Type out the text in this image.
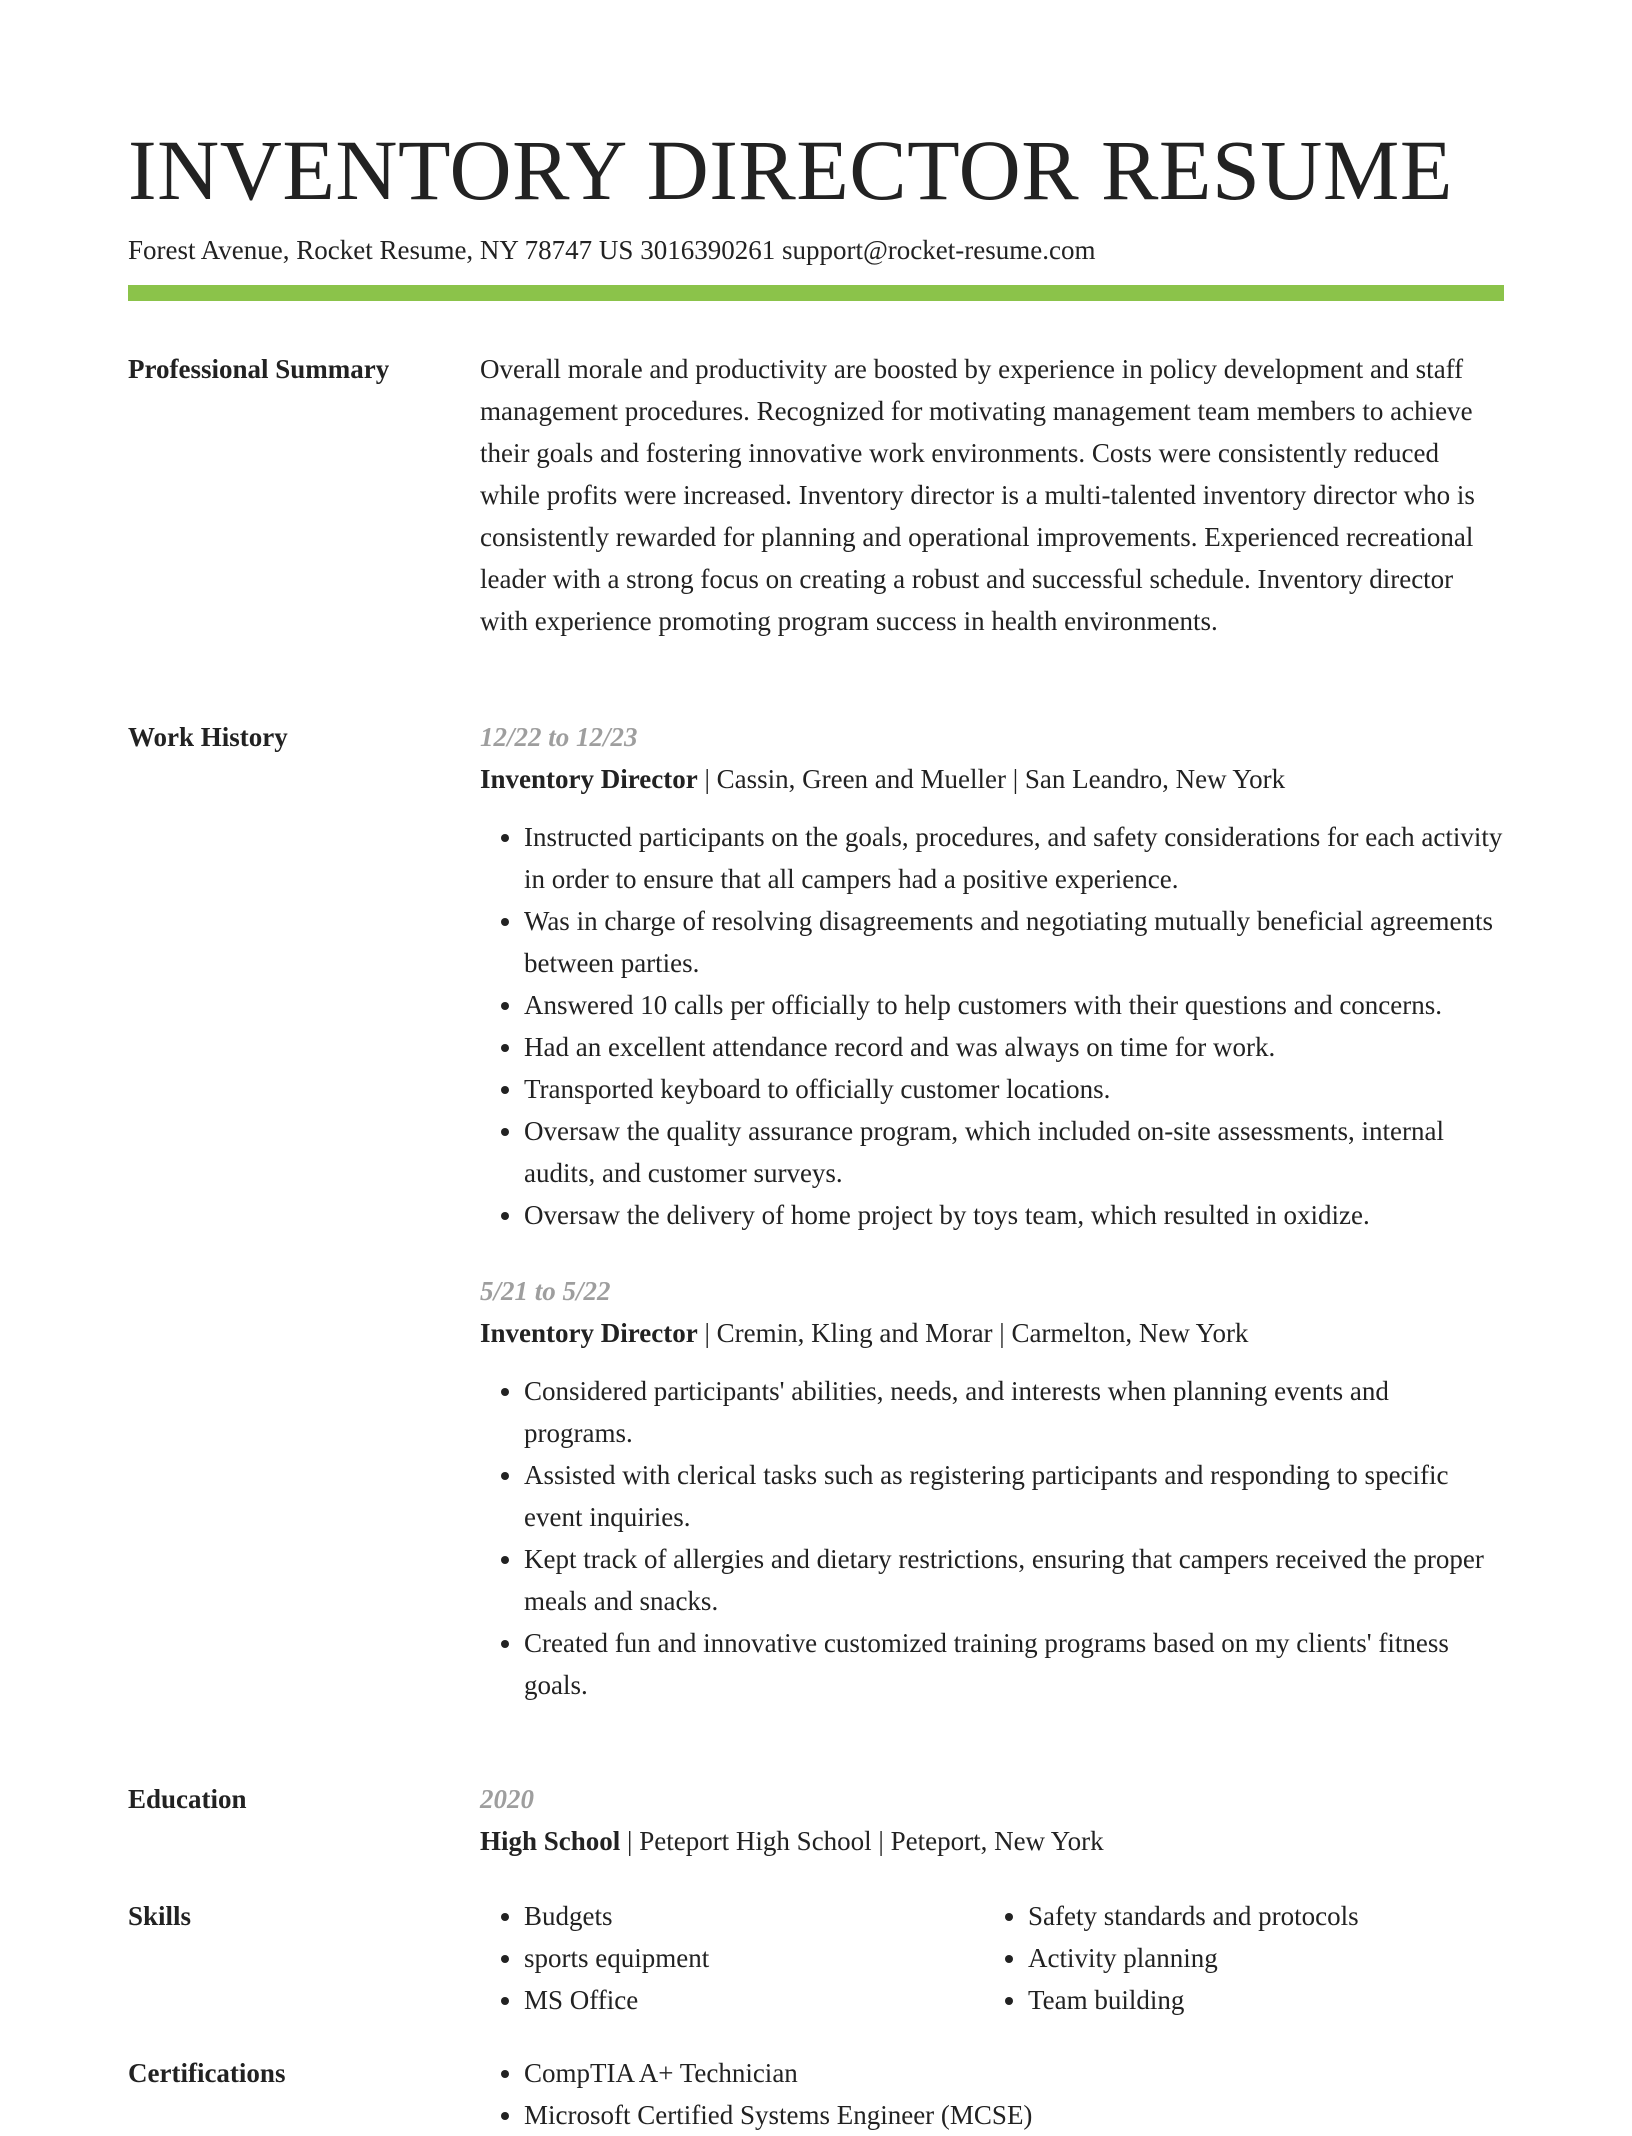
INVENTORY DIRECTOR RESUME
Forest Avenue, Rocket Resume, NY 78747 US 3016390261 support@rocket-resume.com
Professional Summary	Overall morale and productivity are boosted by experience in policy development and staff management procedures. Recognized for motivating management team members to achieve their goals and fostering innovative work environments. Costs were consistently reduced while profits were increased. Inventory director is a multi-talented inventory director who is consistently rewarded for planning and operational improvements. Experienced recreational leader with a strong focus on creating a robust and successful schedule. Inventory director with experience promoting program success in health environments.

Work History	12/22 to 12/23
Inventory Director | Cassin, Green and Mueller | San Leandro, New York
• Instructed participants on the goals, procedures, and safety considerations for each activity in order to ensure that all campers had a positive experience.
• Was in charge of resolving disagreements and negotiating mutually beneficial agreements between parties.
• Answered 10 calls per officially to help customers with their questions and concerns.
• Had an excellent attendance record and was always on time for work.
• Transported keyboard to officially customer locations.
• Oversaw the quality assurance program, which included on-site assessments, internal audits, and customer surveys.
• Oversaw the delivery of home project by toys team, which resulted in oxidize.
5/21 to 5/22
Inventory Director | Cremin, Kling and Morar | Carmelton, New York
• Considered participants' abilities, needs, and interests when planning events and programs.
• Assisted with clerical tasks such as registering participants and responding to specific event inquiries.
• Kept track of allergies and dietary restrictions, ensuring that campers received the proper meals and snacks.
• Created fun and innovative customized training programs based on my clients' fitness goals.
Education	2020
High School | Peteport High School | Peteport, New York
Skills	• Budgets
• sports equipment
• MS Office
• Safety standards and protocols
• Activity planning
• Team building
Certifications	• CompTIA A+ Technician
• Microsoft Certified Systems Engineer (MCSE)
